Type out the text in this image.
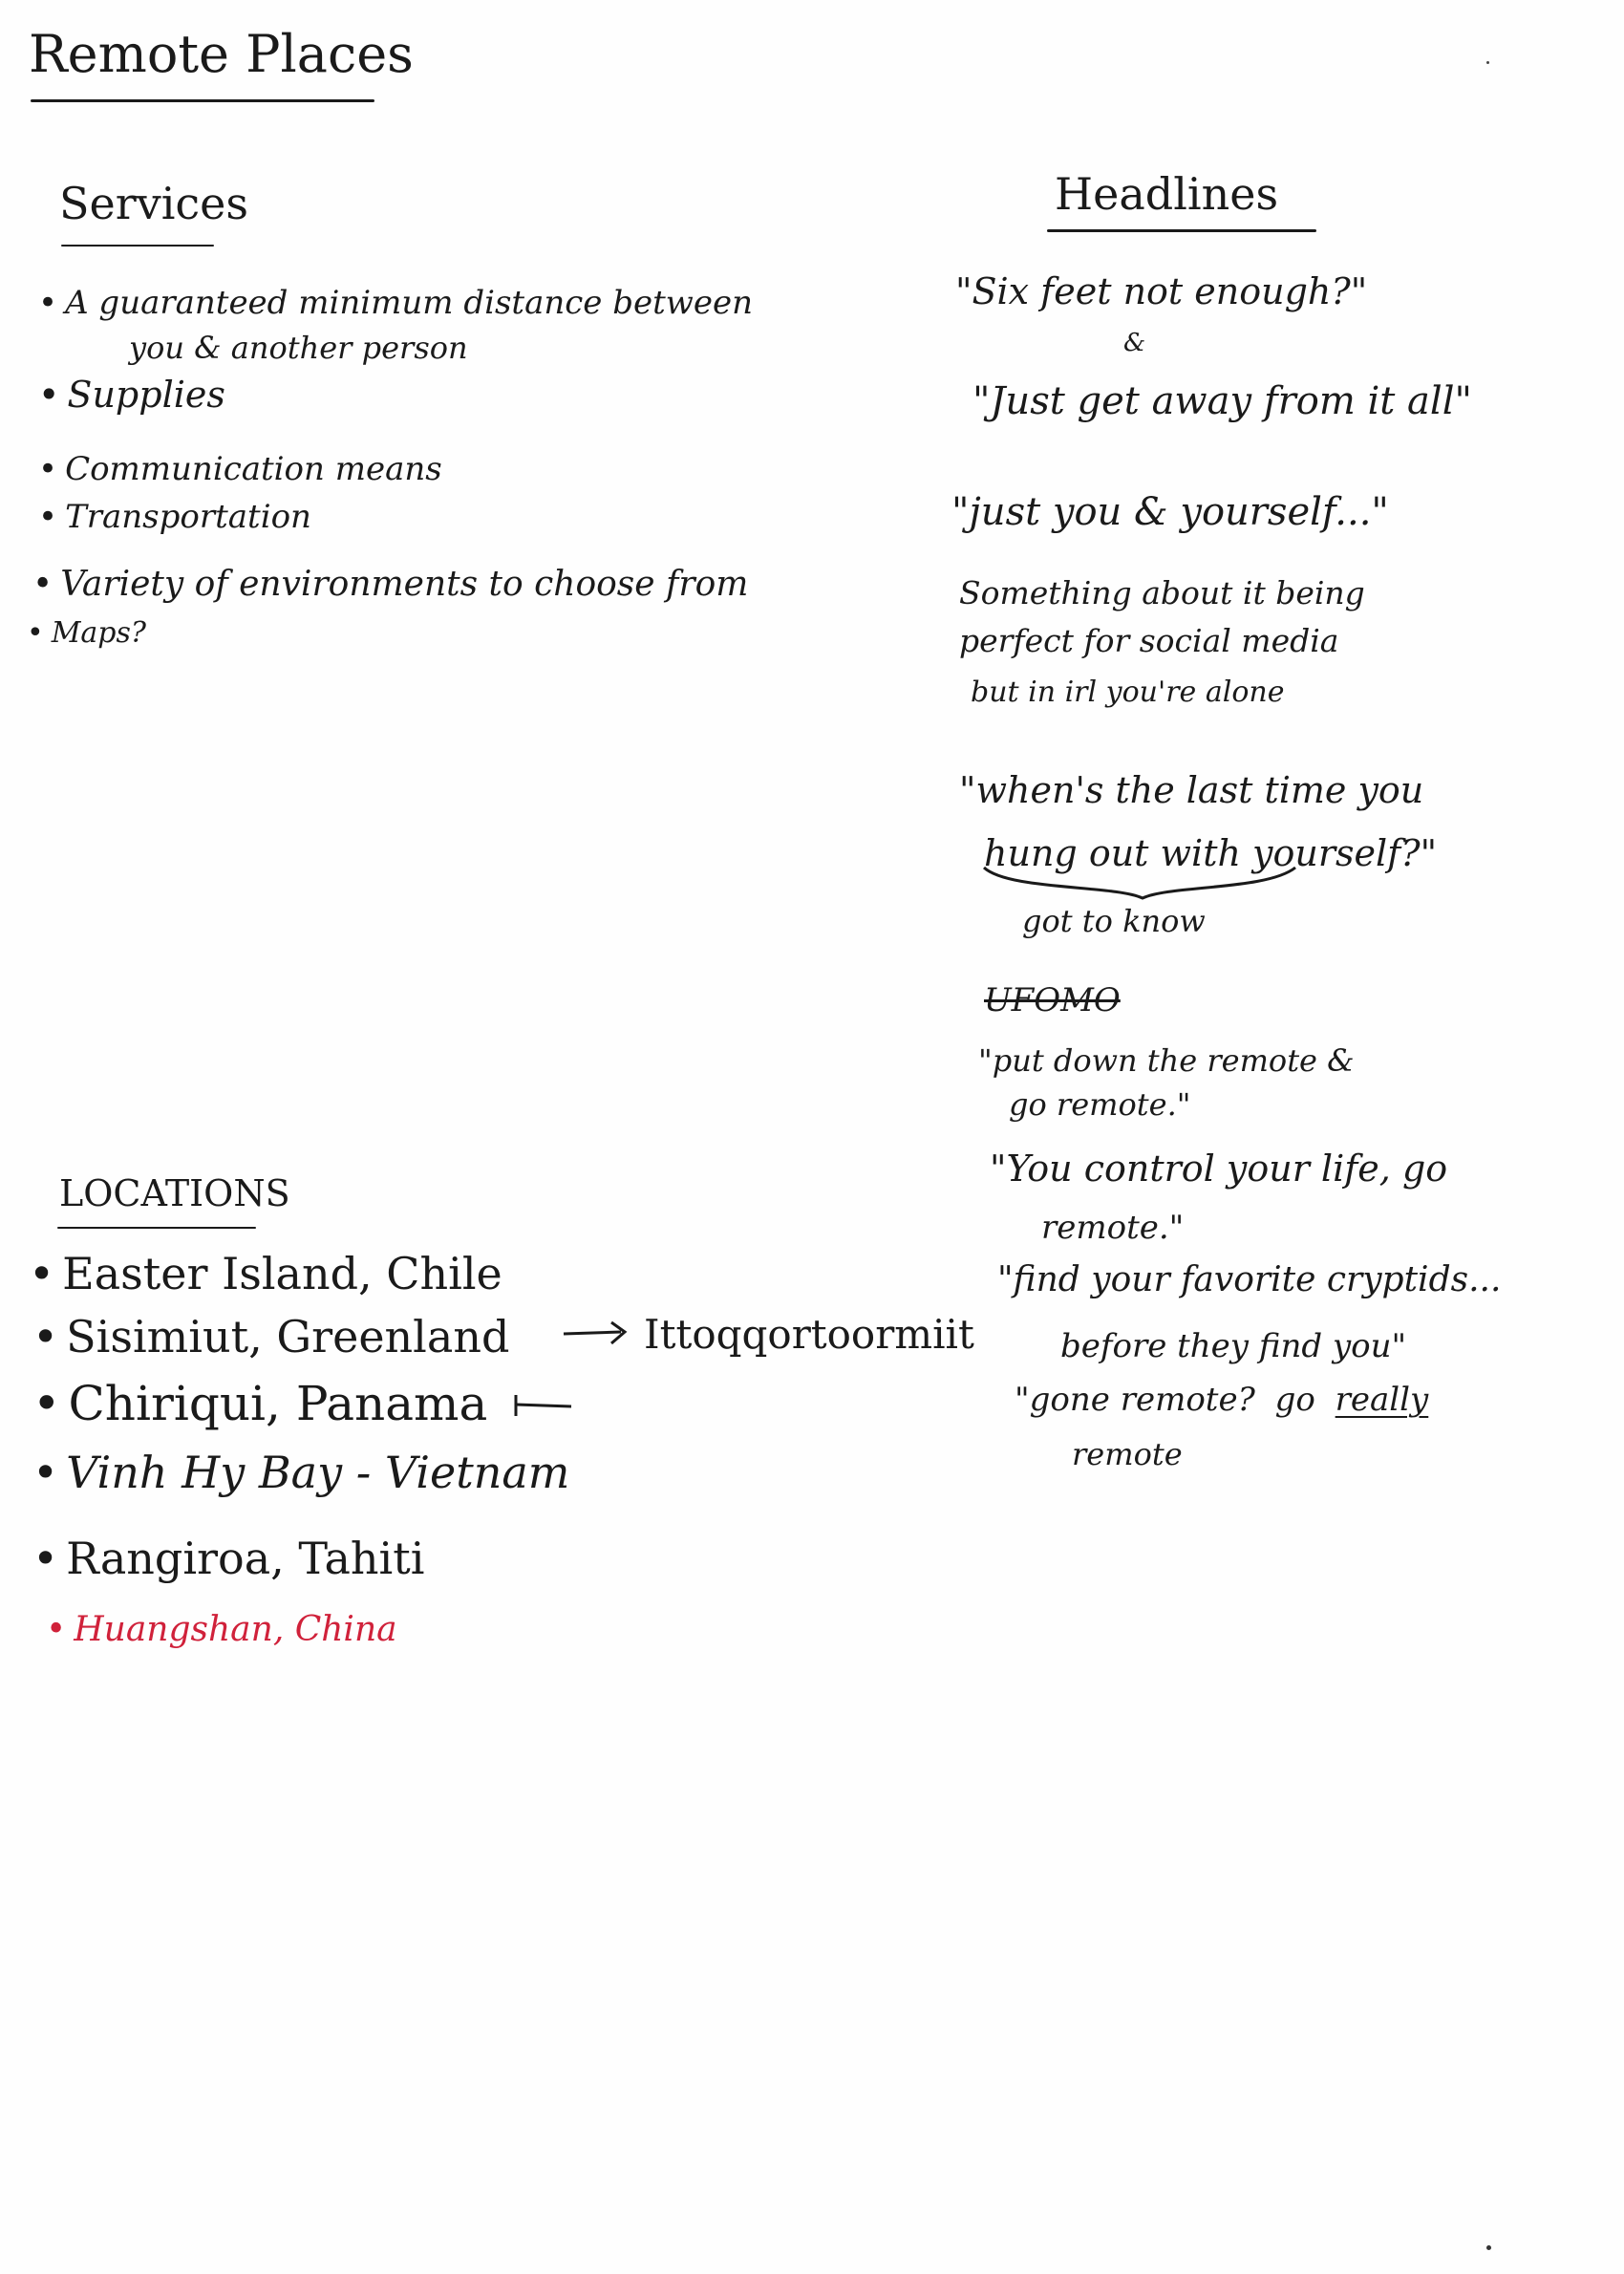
Remote Places
Services
• A guaranteed minimum distance between
you & another person
• Supplies
• Communication means
• Transportation
• Variety of environments to choose from
• Maps?
Headlines
"Six feet not enough?"
&
"Just get away from it all"
"just you & yourself..."
Something about it being
perfect for social media
but in irl you're alone
"when's the last time you
hung out with yourself?"
got to know
UFOMO
"put down the remote &
go remote."
"You control your life, go
remote."
"find your favorite cryptids...
before they find you"
"gone remote? go really
remote
LOCATIONS
• Easter Island, Chile
• Sisimiut, Greenland	Ittoqqortoormiit
• Chiriqui, Panama
• Vinh Hy Bay - Vietnam
• Rangiroa, Tahiti
• Huangshan, China
